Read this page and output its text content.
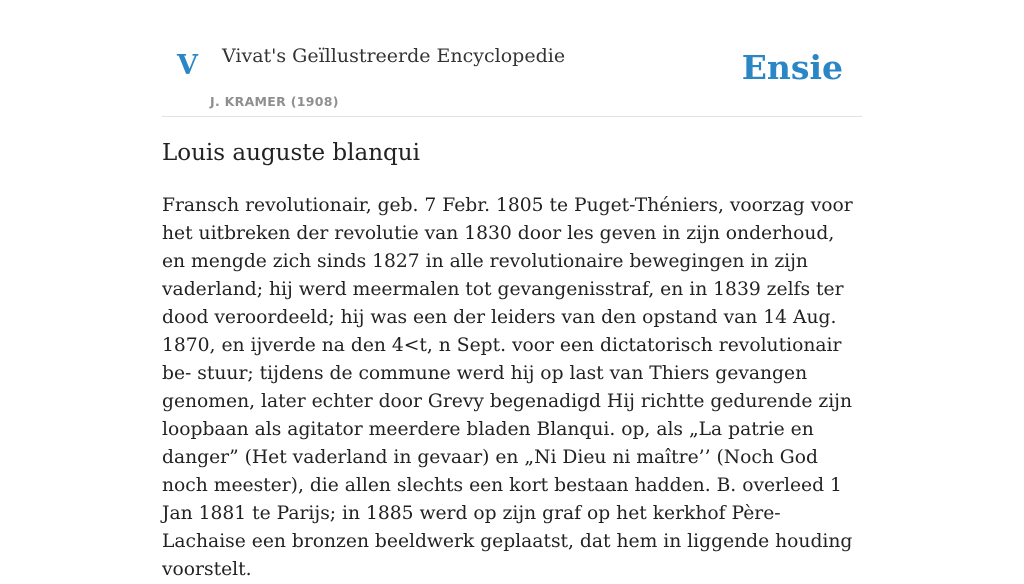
V Vivat's Geïllustreerde Encyclopedie
J. KRAMER (1908)
Ensie
Louis auguste blanqui

Fransch revolutionair, geb. 7 Febr. 1805 te Puget-Théniers, voorzag voor het uitbreken der revolutie van 1830 door les geven in zijn onderhoud, en mengde zich sinds 1827 in alle revolutionaire bewegingen in zijn vaderland; hij werd meermalen tot gevangenisstraf, en in 1839 zelfs ter dood veroordeeld; hij was een der leiders van den opstand van 14 Aug. 1870, en ijverde na den 4<t, n Sept. voor een dictatorisch revolutionair be- stuur; tijdens de commune werd hij op last van Thiers gevangen genomen, later echter door Grevy begenadigd Hij richtte gedurende zijn loopbaan als agitator meerdere bladen Blanqui. op, als „La patrie en danger” (Het vaderland in gevaar) en „Ni Dieu ni maître’’ (Noch God noch meester), die allen slechts een kort bestaan hadden. B. overleed 1 Jan 1881 te Parijs; in 1885 werd op zijn graf op het kerkhof Père-Lachaise een bronzen beeldwerk geplaatst, dat hem in liggende houding voorstelt.
